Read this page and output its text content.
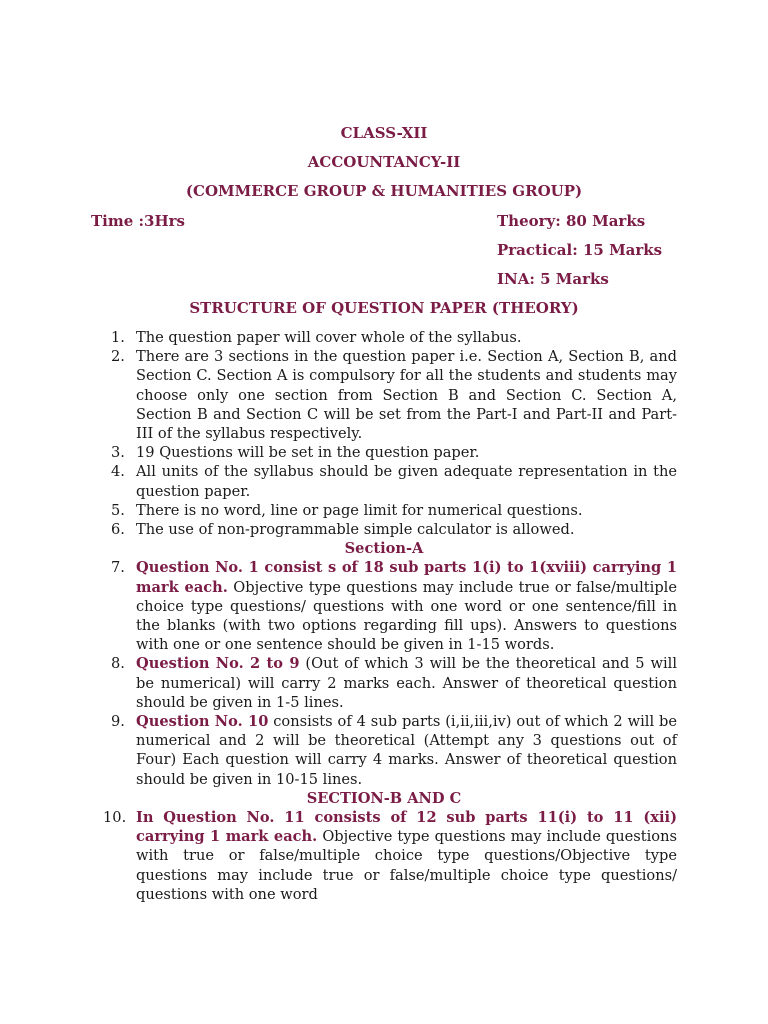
CLASS-XII
ACCOUNTANCY-II
(COMMERCE GROUP & HUMANITIES GROUP)
Time :3Hrs	Theory: 80 Marks
Practical: 15 Marks
INA: 5 Marks
STRUCTURE OF QUESTION PAPER (THEORY)
1. The question paper will cover whole of the syllabus.
2. There are 3 sections in the question paper i.e. Section A, Section B, and Section C. Section A is compulsory for all the students and students may choose only one section from Section B and Section C. Section A, Section B and Section C will be set from the Part-I and Part-II and Part-III of the syllabus respectively.
3. 19 Questions will be set in the question paper.
4. All units of the syllabus should be given adequate representation in the question paper.
5. There is no word, line or page limit for numerical questions.
6. The use of non-programmable simple calculator is allowed.
Section-A
7. Question No. 1 consist s of 18 sub parts 1(i) to 1(xviii) carrying 1 mark each. Objective type questions may include true or false/multiple choice type questions/ questions with one word or one sentence/fill in the blanks (with two options regarding fill ups). Answers to questions with one or one sentence should be given in 1-15 words.
8. Question No. 2 to 9 (Out of which 3 will be the theoretical and 5 will be numerical) will carry 2 marks each. Answer of theoretical question should be given in 1-5 lines.
9. Question No. 10 consists of 4 sub parts (i,ii,iii,iv) out of which 2 will be numerical and 2 will be theoretical (Attempt any 3 questions out of Four) Each question will carry 4 marks. Answer of theoretical question should be given in 10-15 lines.
SECTION-B AND C
10. In Question No. 11 consists of 12 sub parts 11(i) to 11 (xii) carrying 1 mark each. Objective type questions may include questions with true or false/multiple choice type questions/Objective type questions may include true or false/multiple choice type questions/ questions with one word
